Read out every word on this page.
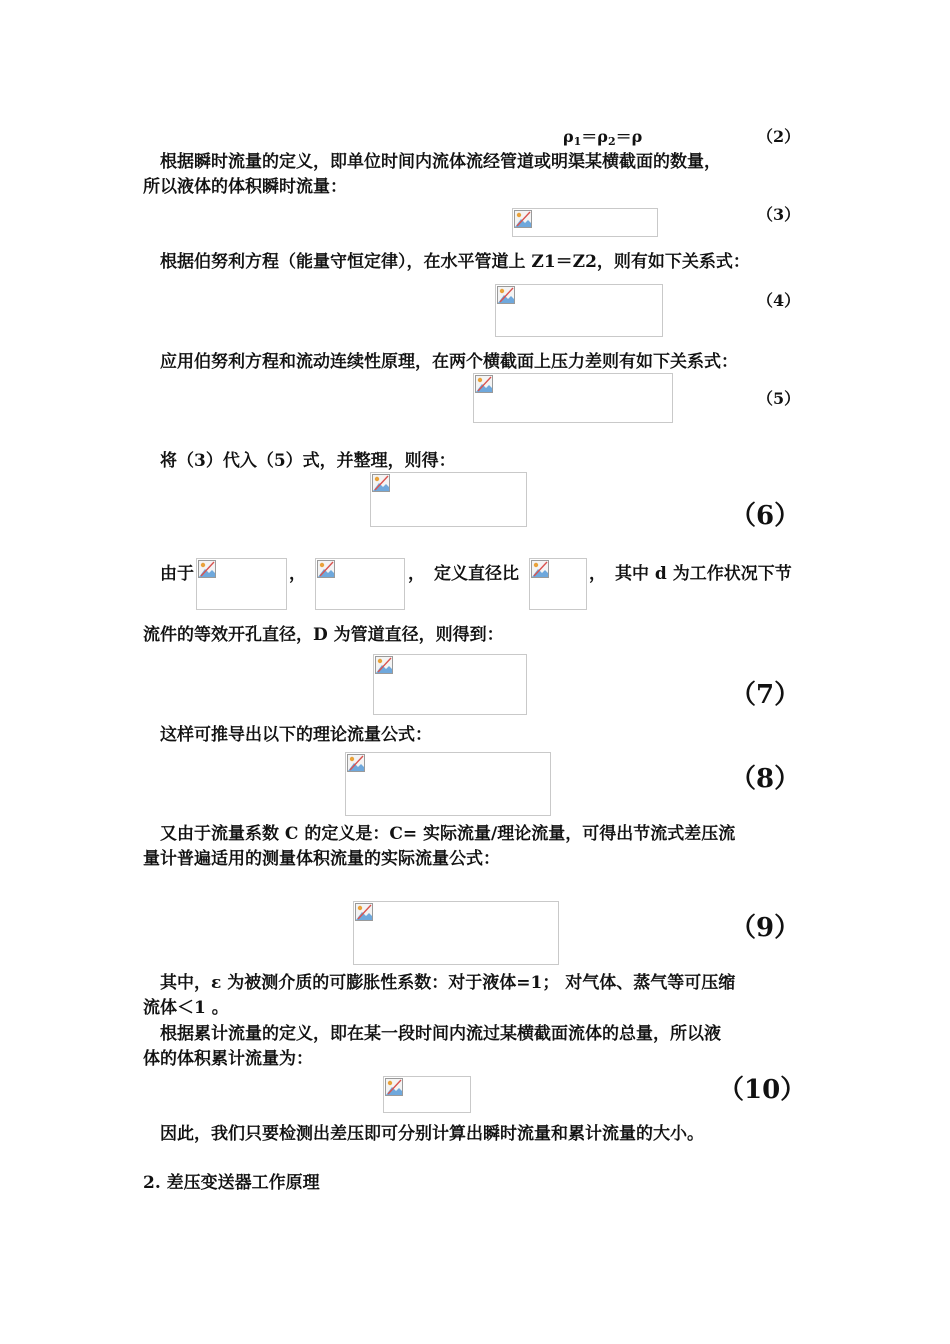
$\rho_1=\rho_2=\rho$	（2）
根据瞬时流量的定义，即单位时间内流体流经管道或明渠某横截面的数量，
所以液体的体积瞬时流量：
（3）
根据伯努利方程（能量守恒定律），在水平管道上 Z1＝Z2，则有如下关系式：
（4）
应用伯努利方程和流动连续性原理，在两个横截面上压力差则有如下关系式：
（5）
将（3）代入（5）式，并整理，则得：
（6）
由于	，	， 定义直径比	， 其中 d 为工作状况下节
流件的等效开孔直径，D 为管道直径，则得到：
（7）
这样可推导出以下的理论流量公式：
（8）
又由于流量系数 C 的定义是：C= 实际流量/理论流量，可得出节流式差压流
量计普遍适用的测量体积流量的实际流量公式：
（9）
其中，ε 为被测介质的可膨胀性系数：对于液体=1； 对气体、蒸气等可压缩
流体＜1 。
根据累计流量的定义，即在某一段时间内流过某横截面流体的总量，所以液
体的体积累计流量为：
（10）
因此，我们只要检测出差压即可分别计算出瞬时流量和累计流量的大小。
2. 差压变送器工作原理
